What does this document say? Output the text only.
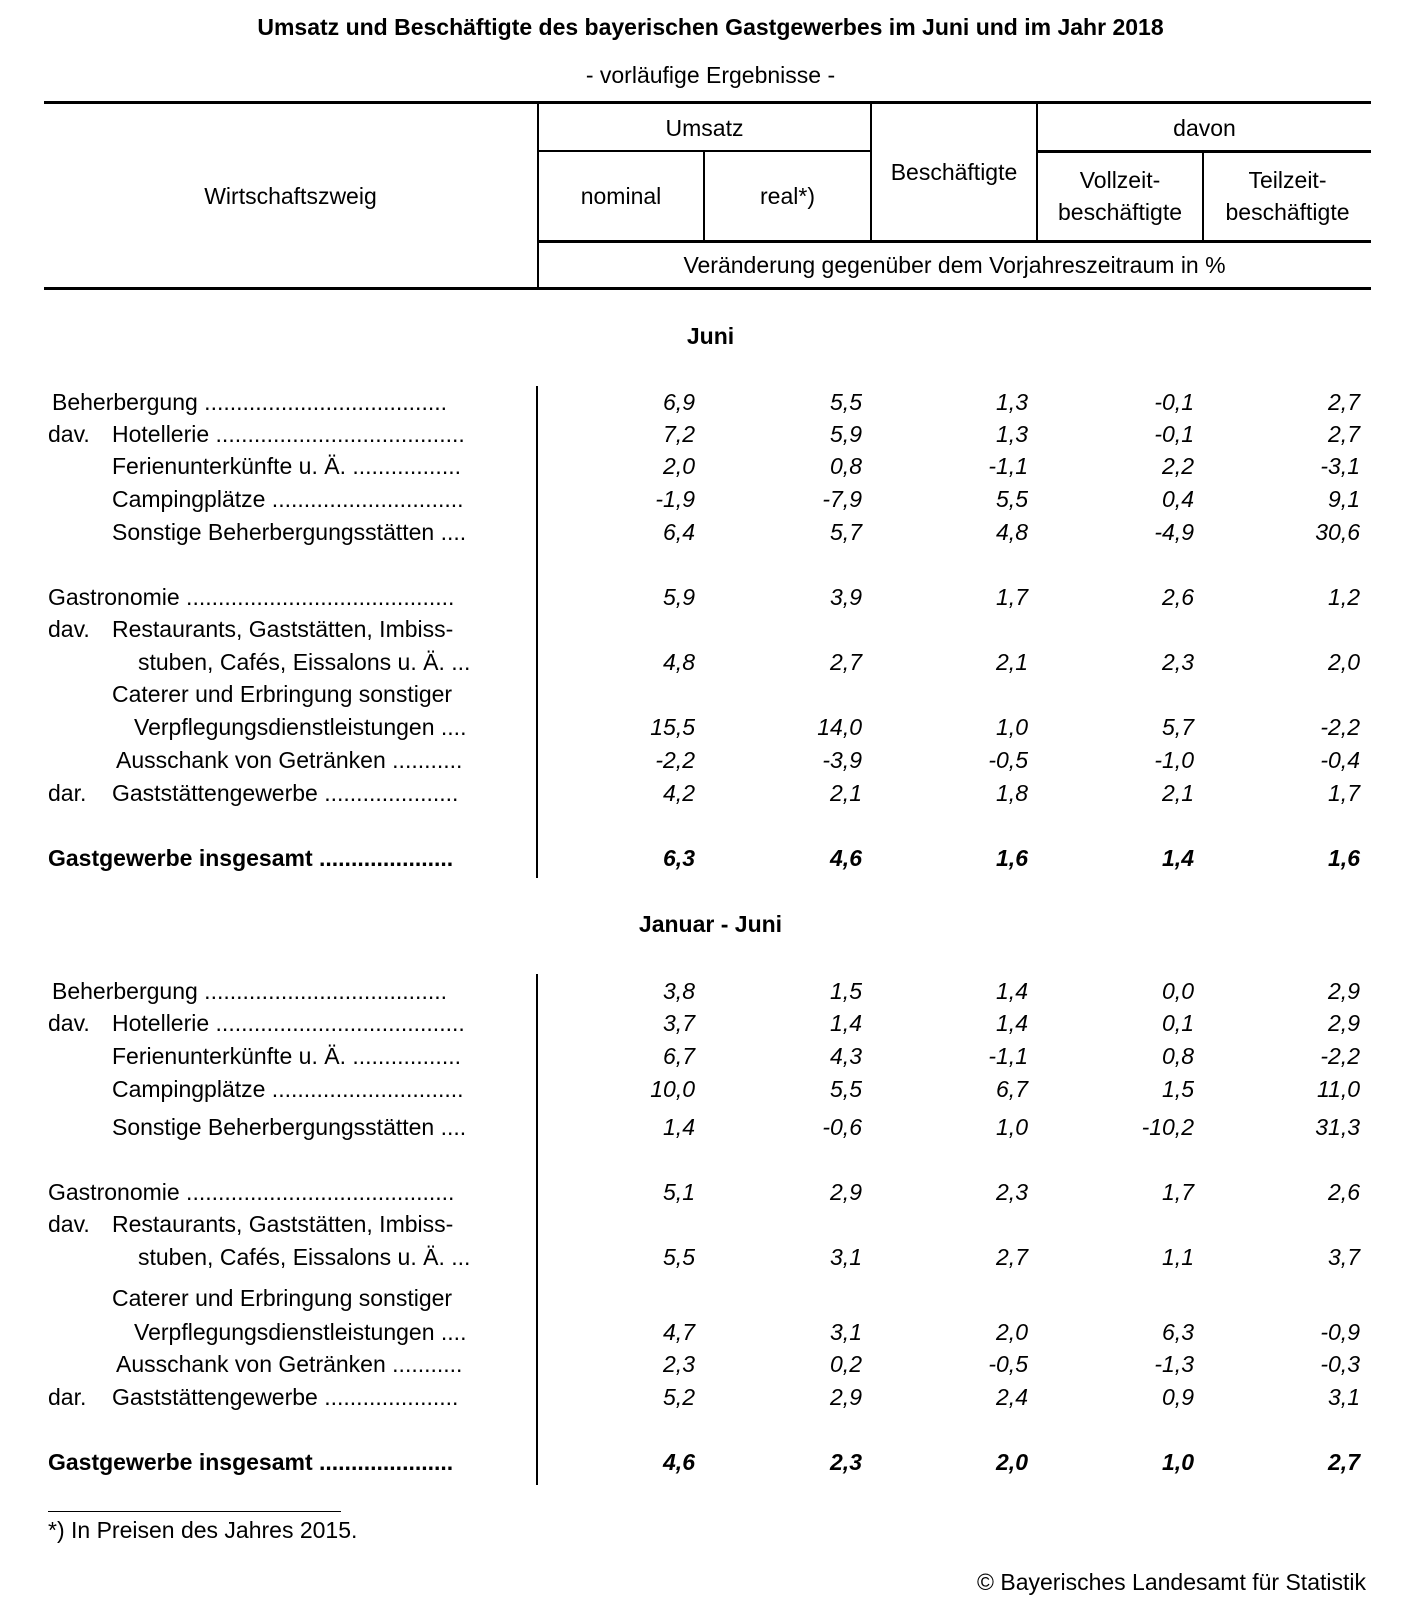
Umsatz und Beschäftigte des bayerischen Gastgewerbes im Juni und im Jahr 2018
- vorläufige Ergebnisse -
Wirtschaftszweig
Umsatz
nominal	real*)
Beschäftigte
davon
Vollzeit-
beschäftigte
Teilzeit-
beschäftigte
Veränderung gegenüber dem Vorjahreszeitraum in %
Juni
Beherbergung ......................................	6,9	5,5	1,3	-0,1	2,7
dav. Hotellerie .......................................	7,2	5,9	1,3	-0,1	2,7
Ferienunterkünfte u. Ä. .................	2,0	0,8	-1,1	2,2	-3,1
Campingplätze ..............................	-1,9	-7,9	5,5	0,4	9,1
Sonstige Beherbergungsstätten ....	6,4	5,7	4,8	-4,9	30,6
Gastronomie ..........................................	5,9	3,9	1,7	2,6	1,2
dav. Restaurants, Gaststätten, Imbiss-
stuben, Cafés, Eissalons u. Ä. ...	4,8	2,7	2,1	2,3	2,0
Caterer und Erbringung sonstiger
Verpflegungsdienstleistungen ....	15,5	14,0	1,0	5,7	-2,2
Ausschank von Getränken ...........	-2,2	-3,9	-0,5	-1,0	-0,4
dar. Gaststättengewerbe .....................	4,2	2,1	1,8	2,1	1,7
Gastgewerbe insgesamt .....................	6,3	4,6	1,6	1,4	1,6
Januar - Juni
Beherbergung ......................................	3,8	1,5	1,4	0,0	2,9
dav. Hotellerie .......................................	3,7	1,4	1,4	0,1	2,9
Ferienunterkünfte u. Ä. .................	6,7	4,3	-1,1	0,8	-2,2
Campingplätze ..............................	10,0	5,5	6,7	1,5	11,0
Sonstige Beherbergungsstätten ....	1,4	-0,6	1,0	-10,2	31,3
Gastronomie ..........................................	5,1	2,9	2,3	1,7	2,6
dav. Restaurants, Gaststätten, Imbiss-
stuben, Cafés, Eissalons u. Ä. ...	5,5	3,1	2,7	1,1	3,7
Caterer und Erbringung sonstiger
Verpflegungsdienstleistungen ....	4,7	3,1	2,0	6,3	-0,9
Ausschank von Getränken ...........	2,3	0,2	-0,5	-1,3	-0,3
dar. Gaststättengewerbe .....................	5,2	2,9	2,4	0,9	3,1
Gastgewerbe insgesamt .....................	4,6	2,3	2,0	1,0	2,7
*) In Preisen des Jahres 2015.
© Bayerisches Landesamt für Statistik
